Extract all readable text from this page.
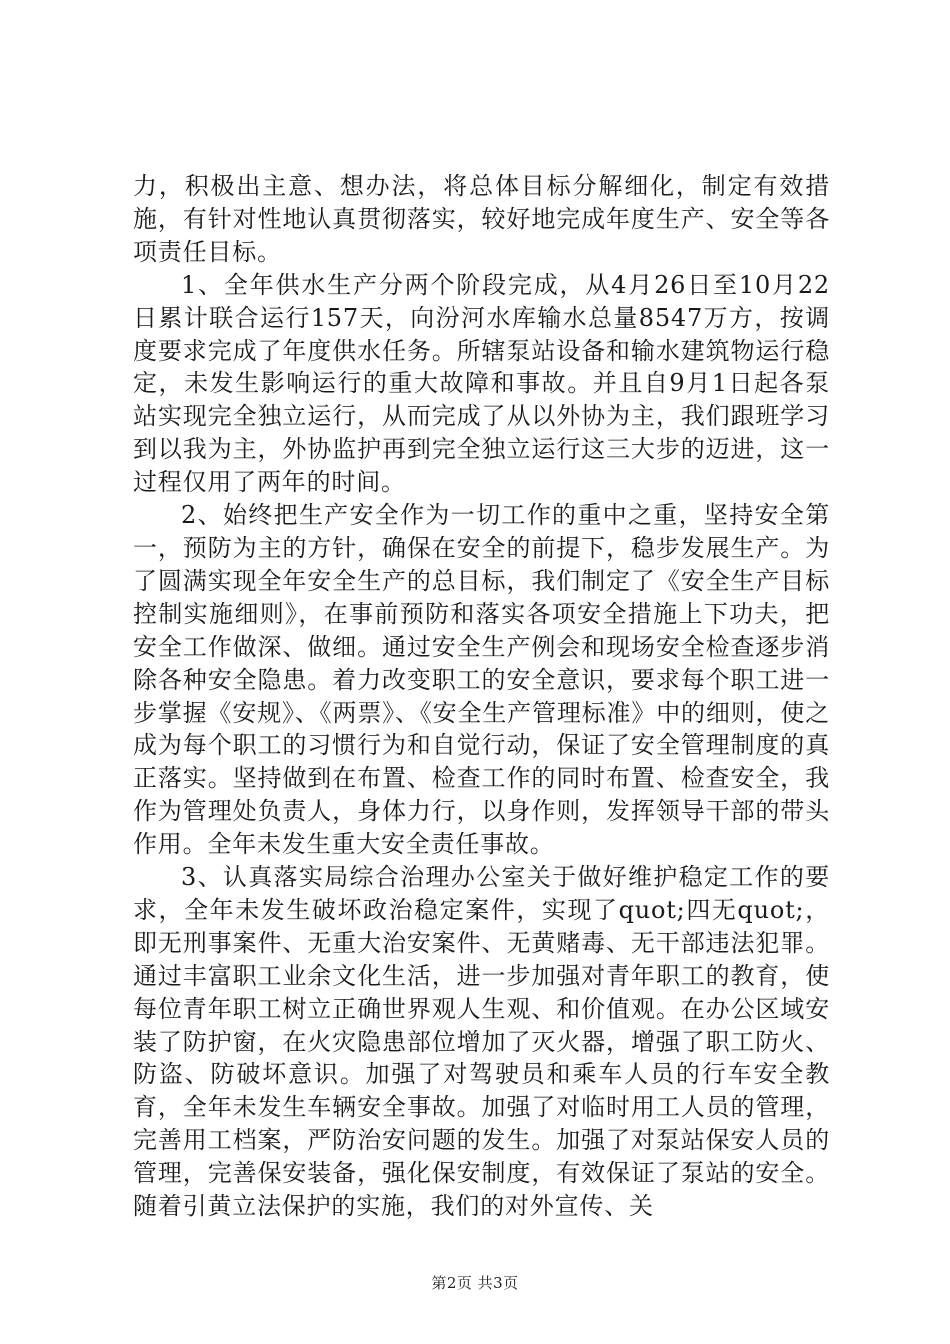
力，积极出主意、想办法，将总体目标分解细化，制定有效措施，有针对性地认真贯彻落实，较好地完成年度生产、安全等各项责任目标。

1、全年供水生产分两个阶段完成，从4月26日至10月22日累计联合运行157天，向汾河水库输水总量8547万方，按调度要求完成了年度供水任务。所辖泵站设备和输水建筑物运行稳定，未发生影响运行的重大故障和事故。并且自9月1日起各泵站实现完全独立运行，从而完成了从以外协为主，我们跟班学习到以我为主，外协监护再到完全独立运行这三大步的迈进，这一过程仅用了两年的时间。

2、始终把生产安全作为一切工作的重中之重，坚持安全第一，预防为主的方针，确保在安全的前提下，稳步发展生产。为了圆满实现全年安全生产的总目标，我们制定了《安全生产目标控制实施细则》，在事前预防和落实各项安全措施上下功夫，把安全工作做深、做细。通过安全生产例会和现场安全检查逐步消除各种安全隐患。着力改变职工的安全意识，要求每个职工进一步掌握《安规》、《两票》、《安全生产管理标准》中的细则，使之成为每个职工的习惯行为和自觉行动，保证了安全管理制度的真正落实。坚持做到在布置、检查工作的同时布置、检查安全，我作为管理处负责人，身体力行，以身作则，发挥领导干部的带头作用。全年未发生重大安全责任事故。

3、认真落实局综合治理办公室关于做好维护稳定工作的要求，全年未发生破坏政治稳定案件，实现了quot;四无quot;，即无刑事案件、无重大治安案件、无黄赌毒、无干部违法犯罪。通过丰富职工业余文化生活，进一步加强对青年职工的教育，使每位青年职工树立正确世界观人生观、和价值观。在办公区域安装了防护窗，在火灾隐患部位增加了灭火器，增强了职工防火、防盗、防破坏意识。加强了对驾驶员和乘车人员的行车安全教育，全年未发生车辆安全事故。加强了对临时用工人员的管理，完善用工档案，严防治安问题的发生。加强了对泵站保安人员的管理，完善保安装备，强化保安制度，有效保证了泵站的安全。随着引黄立法保护的实施，我们的对外宣传、关

第2页 共3页
